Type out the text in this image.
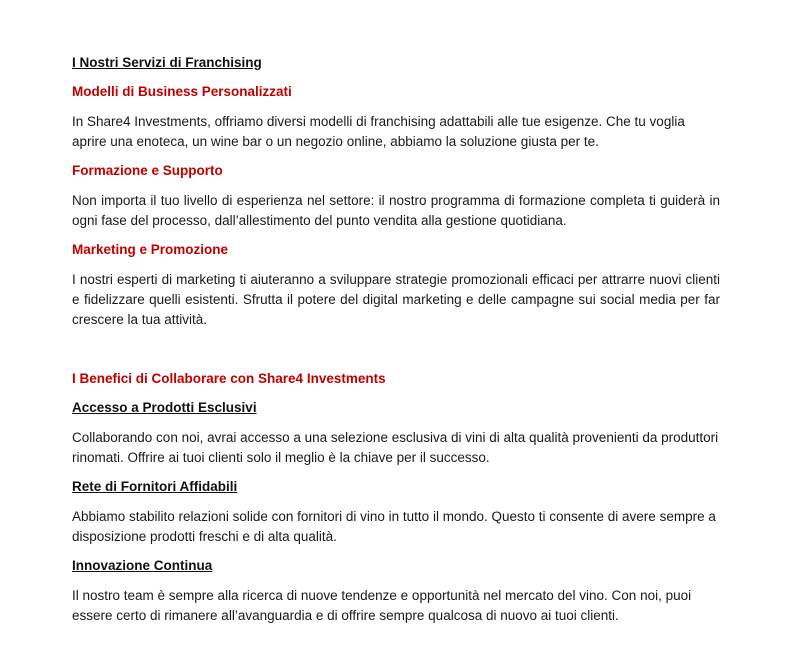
I Nostri Servizi di Franchising
Modelli di Business Personalizzati
In Share4 Investments, offriamo diversi modelli di franchising adattabili alle tue esigenze. Che tu voglia aprire una enoteca, un wine bar o un negozio online, abbiamo la soluzione giusta per te.
Formazione e Supporto
Non importa il tuo livello di esperienza nel settore: il nostro programma di formazione completa ti guiderà in ogni fase del processo, dall’allestimento del punto vendita alla gestione quotidiana.
Marketing e Promozione
I nostri esperti di marketing ti aiuteranno a sviluppare strategie promozionali efficaci per attrarre nuovi clienti e fidelizzare quelli esistenti. Sfrutta il potere del digital marketing e delle campagne sui social media per far crescere la tua attività.
I Benefici di Collaborare con Share4 Investments
Accesso a Prodotti Esclusivi
Collaborando con noi, avrai accesso a una selezione esclusiva di vini di alta qualità provenienti da produttori rinomati. Offrire ai tuoi clienti solo il meglio è la chiave per il successo.
Rete di Fornitori Affidabili
Abbiamo stabilito relazioni solide con fornitori di vino in tutto il mondo. Questo ti consente di avere sempre a disposizione prodotti freschi e di alta qualità.
Innovazione Continua
Il nostro team è sempre alla ricerca di nuove tendenze e opportunità nel mercato del vino. Con noi, puoi essere certo di rimanere all’avanguardia e di offrire sempre qualcosa di nuovo ai tuoi clienti.
